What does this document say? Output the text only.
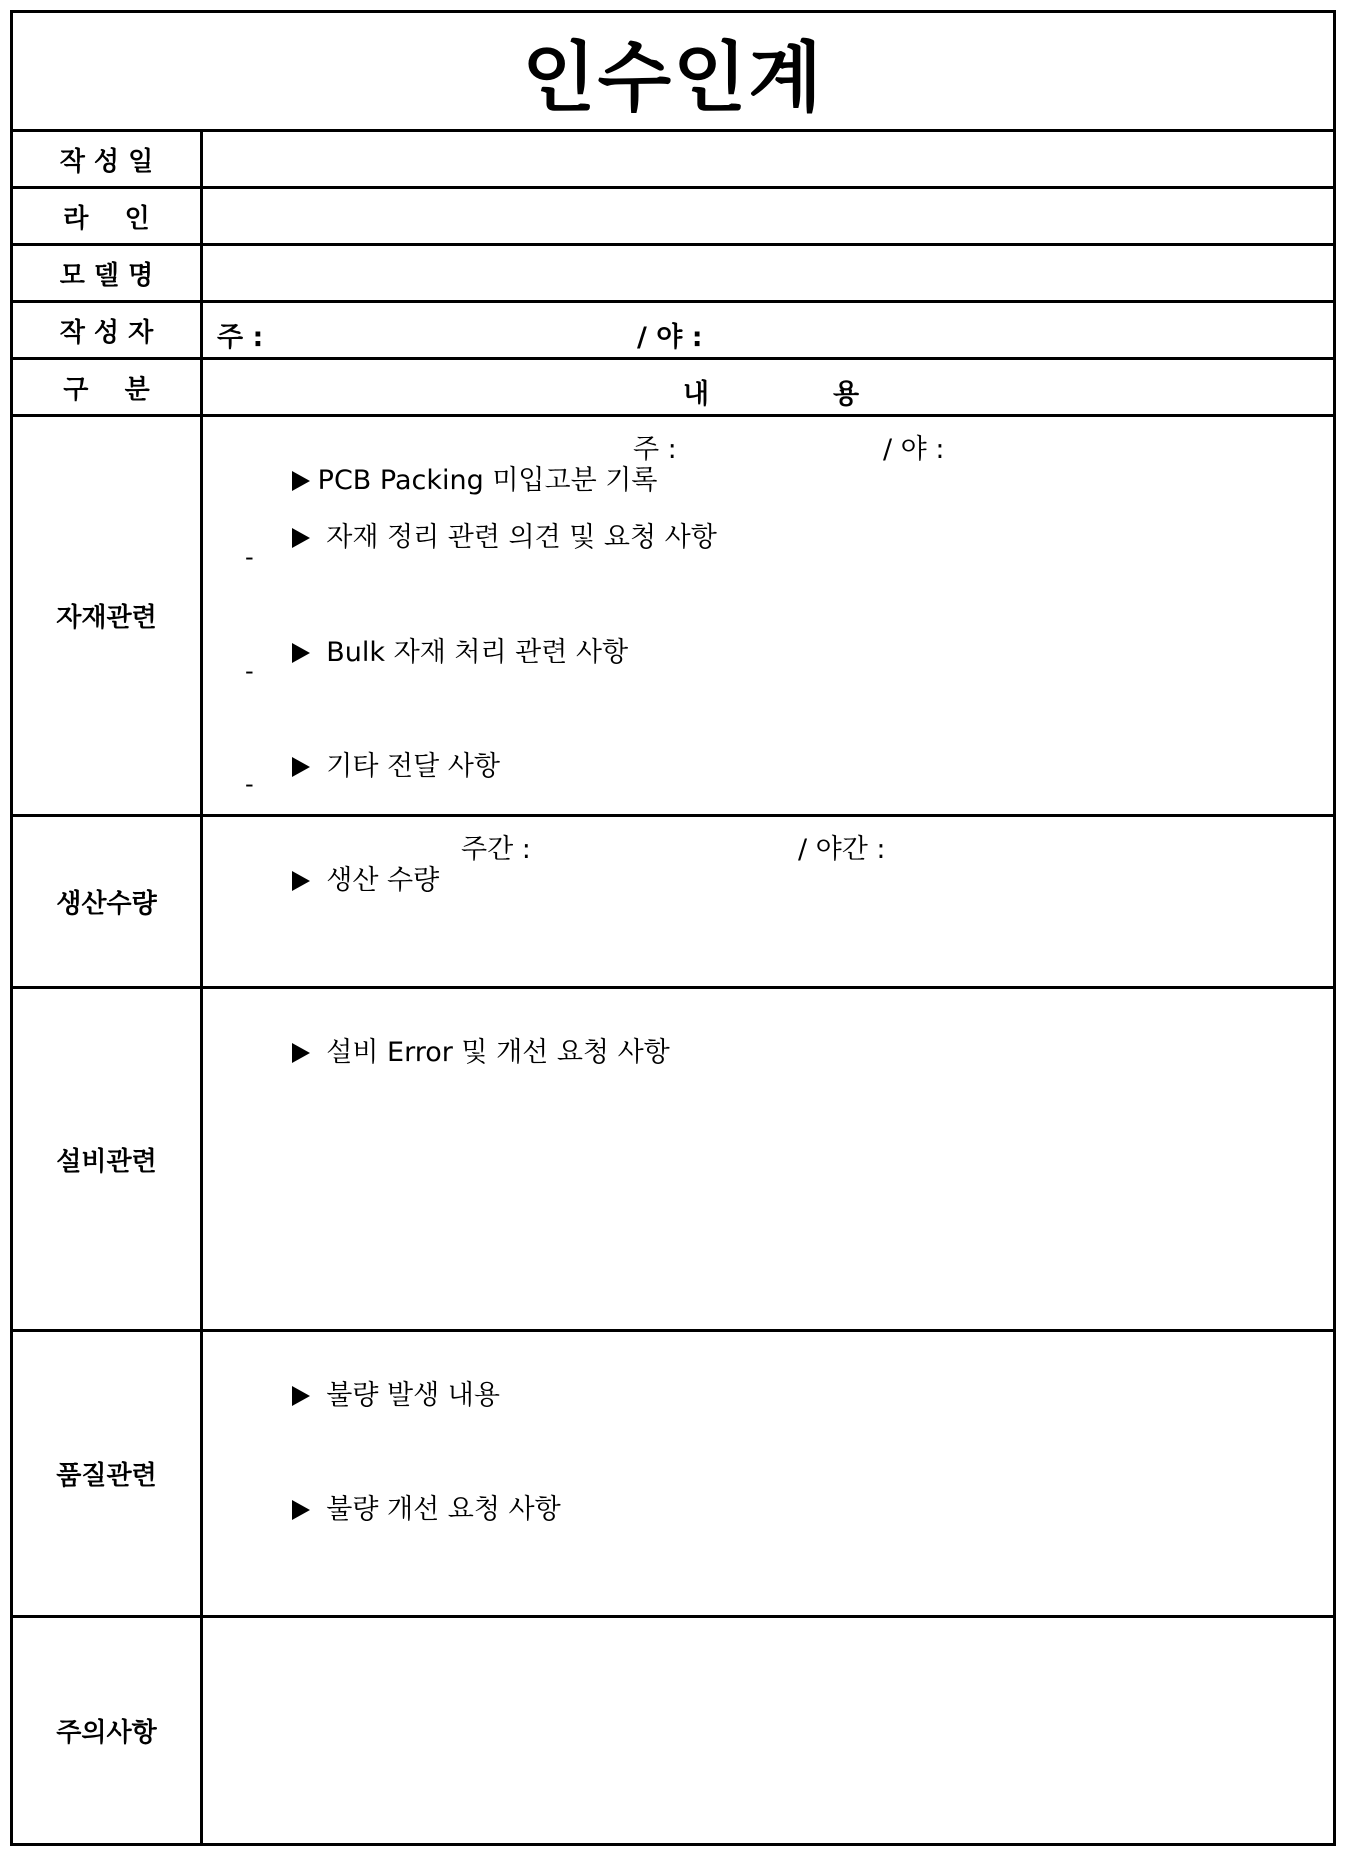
인수인계
작 성 일
라    인
모 델 명
작 성 자	주 :	/ 야 :
구    분	내	용
자재관련

PCB Packing 미입고분 기록

주 :	/ 야 :

자재 정리 관련 의견 및 요청 사항

-

Bulk 자재 처리 관련 사항

-

기타 전달 사항

-
생산수량

생산 수량

주간 :	/ 야간 :
설비관련

설비 Error 및 개선 요청 사항

품질관련

불량 발생 내용

불량 개선 요청 사항

주의사항
